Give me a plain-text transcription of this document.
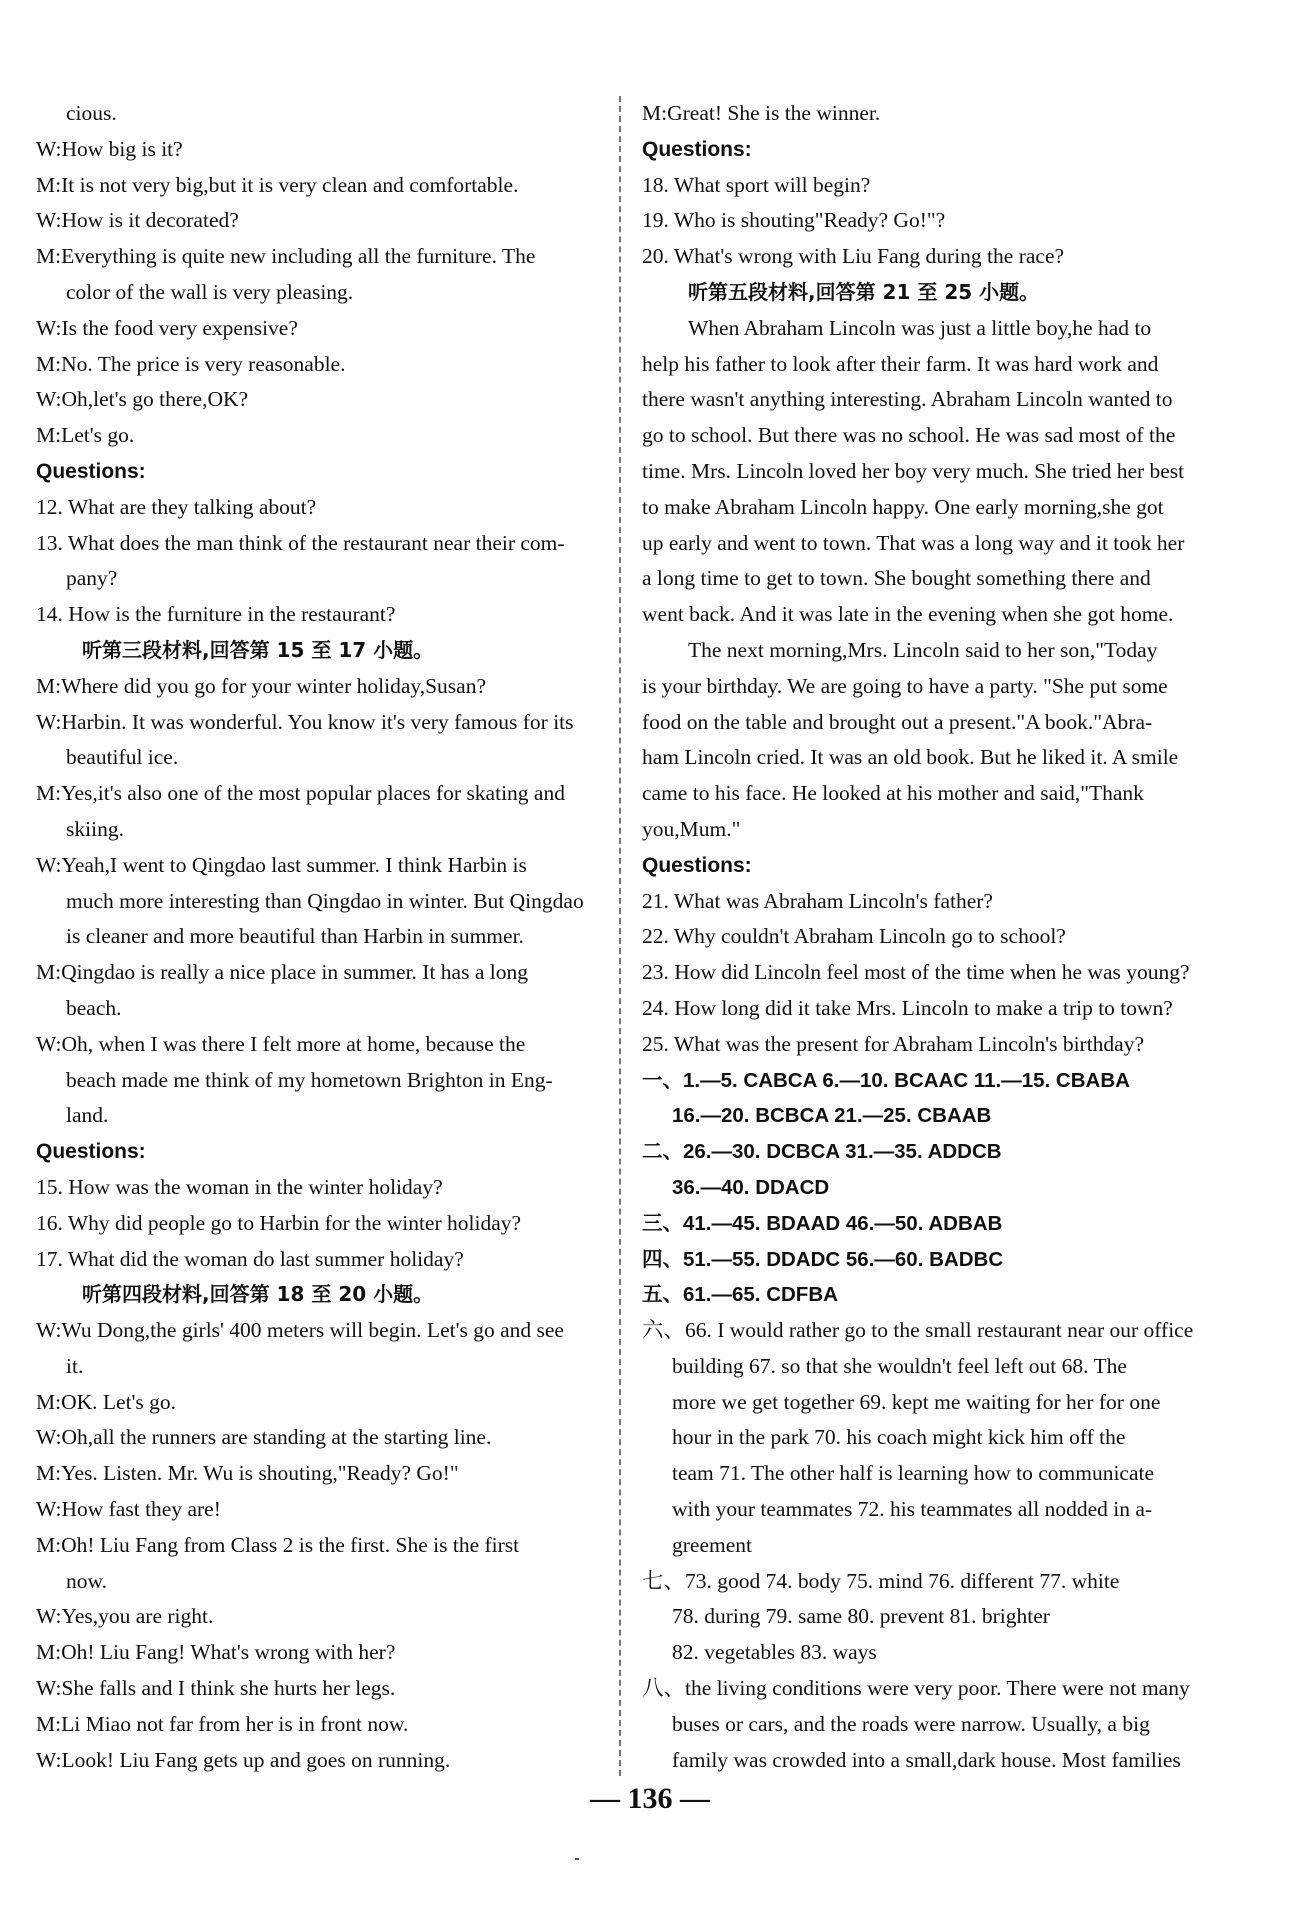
cious.
W:How big is it?
M:It is not very big,but it is very clean and comfortable.
W:How is it decorated?
M:Everything is quite new including all the furniture. The
color of the wall is very pleasing.
W:Is the food very expensive?
M:No. The price is very reasonable.
W:Oh,let's go there,OK?
M:Let's go.
Questions:
12. What are they talking about?
13. What does the man think of the restaurant near their com-
pany?
14. How is the furniture in the restaurant?
听第三段材料,回答第 15 至 17 小题。
M:Where did you go for your winter holiday,Susan?
W:Harbin. It was wonderful. You know it's very famous for its
beautiful ice.
M:Yes,it's also one of the most popular places for skating and
skiing.
W:Yeah,I went to Qingdao last summer. I think Harbin is
much more interesting than Qingdao in winter. But Qingdao
is cleaner and more beautiful than Harbin in summer.
M:Qingdao is really a nice place in summer. It has a long
beach.
W:Oh, when I was there I felt more at home, because the
beach made me think of my hometown Brighton in Eng-
land.
Questions:
15. How was the woman in the winter holiday?
16. Why did people go to Harbin for the winter holiday?
17. What did the woman do last summer holiday?
听第四段材料,回答第 18 至 20 小题。
W:Wu Dong,the girls' 400 meters will begin. Let's go and see
it.
M:OK. Let's go.
W:Oh,all the runners are standing at the starting line.
M:Yes. Listen. Mr. Wu is shouting,"Ready? Go!"
W:How fast they are!
M:Oh! Liu Fang from Class 2 is the first. She is the first
now.
W:Yes,you are right.
M:Oh! Liu Fang! What's wrong with her?
W:She falls and I think she hurts her legs.
M:Li Miao not far from her is in front now.
W:Look! Liu Fang gets up and goes on running.
M:Great! She is the winner.
Questions:
18. What sport will begin?
19. Who is shouting"Ready? Go!"?
20. What's wrong with Liu Fang during the race?
听第五段材料,回答第 21 至 25 小题。
When Abraham Lincoln was just a little boy,he had to
help his father to look after their farm. It was hard work and
there wasn't anything interesting. Abraham Lincoln wanted to
go to school. But there was no school. He was sad most of the
time. Mrs. Lincoln loved her boy very much. She tried her best
to make Abraham Lincoln happy. One early morning,she got
up early and went to town. That was a long way and it took her
a long time to get to town. She bought something there and
went back. And it was late in the evening when she got home.
The next morning,Mrs. Lincoln said to her son,"Today
is your birthday. We are going to have a party. "She put some
food on the table and brought out a present."A book."Abra-
ham Lincoln cried. It was an old book. But he liked it. A smile
came to his face. He looked at his mother and said,"Thank
you,Mum."
Questions:
21. What was Abraham Lincoln's father?
22. Why couldn't Abraham Lincoln go to school?
23. How did Lincoln feel most of the time when he was young?
24. How long did it take Mrs. Lincoln to make a trip to town?
25. What was the present for Abraham Lincoln's birthday?
一、1.—5. CABCA 6.—10. BCAAC 11.—15. CBABA
16.—20. BCBCA 21.—25. CBAAB
二、26.—30. DCBCA 31.—35. ADDCB
36.—40. DDACD
三、41.—45. BDAAD 46.—50. ADBAB
四、51.—55. DDADC 56.—60. BADBC
五、61.—65. CDFBA
六、66. I would rather go to the small restaurant near our office
building 67. so that she wouldn't feel left out 68. The
more we get together 69. kept me waiting for her for one
hour in the park 70. his coach might kick him off the
team 71. The other half is learning how to communicate
with your teammates 72. his teammates all nodded in a-
greement
七、73. good 74. body 75. mind 76. different 77. white
78. during 79. same 80. prevent 81. brighter
82. vegetables 83. ways
八、the living conditions were very poor. There were not many
buses or cars, and the roads were narrow. Usually, a big
family was crowded into a small,dark house. Most families
— 136 —
